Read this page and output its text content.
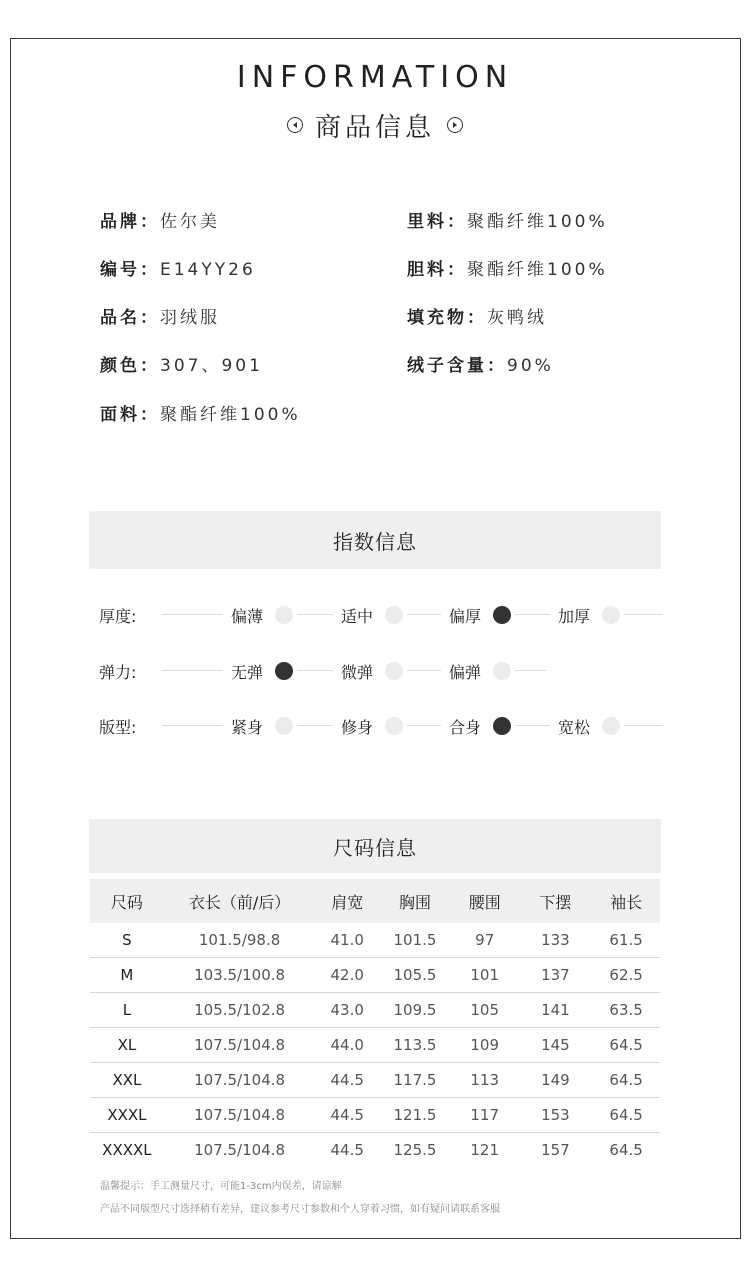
INFORMATION
商品信息
品牌：佐尔美
编号：E14YY26
品名：羽绒服
颜色：307、901
面料：聚酯纤维100%
里料：聚酯纤维100%
胆料：聚酯纤维100%
填充物：灰鸭绒
绒子含量：90%
指数信息
厚度:	偏薄	适中	偏厚	加厚
弹力:	无弹	微弹	偏弹
版型:	紧身	修身	合身	宽松
尺码信息
尺码	衣长（前/后）	肩宽	胸围	腰围	下摆	袖长
S	101.5/98.8	41.0	101.5	97	133	61.5
M	103.5/100.8	42.0	105.5	101	137	62.5
L	105.5/102.8	43.0	109.5	105	141	63.5
XL	107.5/104.8	44.0	113.5	109	145	64.5
XXL	107.5/104.8	44.5	117.5	113	149	64.5
XXXL	107.5/104.8	44.5	121.5	117	153	64.5
XXXXL	107.5/104.8	44.5	125.5	121	157	64.5
温馨提示：手工测量尺寸，可能1-3cm内误差，请谅解
产品不同版型尺寸选择稍有差异，建议参考尺寸参数和个人穿着习惯，如有疑问请联系客服
